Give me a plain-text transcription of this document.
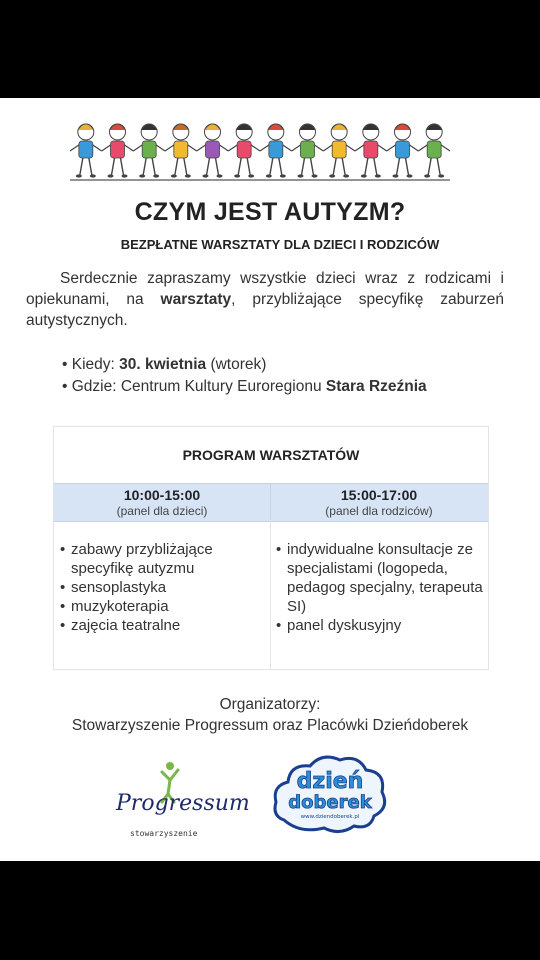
CZYM JEST AUTYZM?
BEZPŁATNE WARSZTATY DLA DZIECI I RODZICÓW
Serdecznie zapraszamy wszystkie dzieci wraz z rodzicami i opiekunami, na warsztaty, przybliżające specyfikę zaburzeń autystycznych.
• Kiedy: 30. kwietnia (wtorek)
• Gdzie: Centrum Kultury Euroregionu Stara Rzeźnia
PROGRAM WARSZTATÓW
10:00-15:00
(panel dla dzieci)
15:00-17:00
(panel dla rodziców)
• zabawy przybliżające specyfikę autyzmu
• sensoplastyka
• muzykoterapia
• zajęcia teatralne
• indywidualne konsultacje ze specjalistami (logopeda, pedagog specjalny, terapeuta SI)
• panel dyskusyjny
Organizatorzy:
Stowarzyszenie Progressum oraz Placówki Dzieńdoberek
Progressum
stowarzyszenie
dzień
doberek
www.dziendoberek.pl
